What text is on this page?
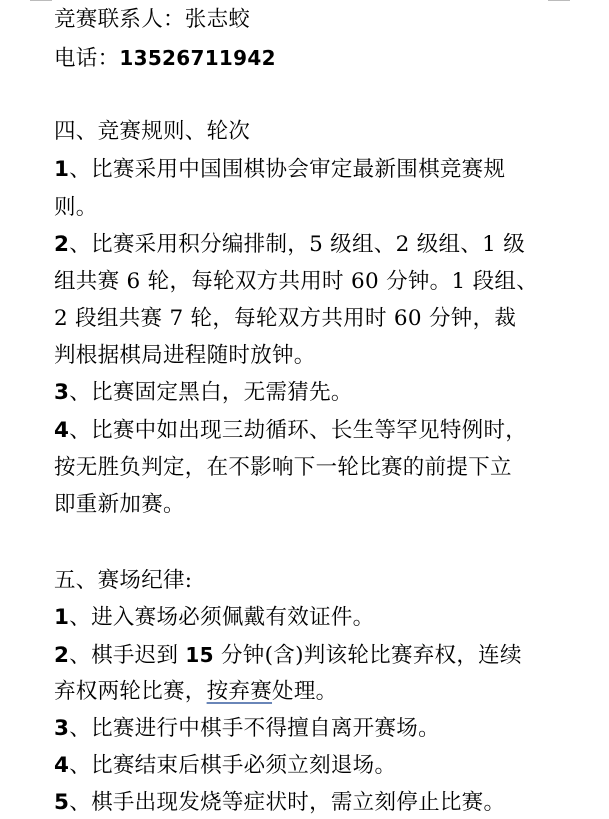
竞赛联系人：张志蛟
电话：13526711942
四、竞赛规则、轮次
1、比赛采用中国围棋协会审定最新围棋竞赛规
则。
2、比赛采用积分编排制，5 级组、2 级组、1 级
组共赛 6 轮，每轮双方共用时 60 分钟。1 段组、
2 段组共赛 7 轮，每轮双方共用时 60 分钟，裁
判根据棋局进程随时放钟。
3、比赛固定黑白，无需猜先。
4、比赛中如出现三劫循环、长生等罕见特例时，
按无胜负判定，在不影响下一轮比赛的前提下立
即重新加赛。
五、赛场纪律:
1、进入赛场必须佩戴有效证件。
2、棋手迟到 15 分钟(含)判该轮比赛弃权，连续
弃权两轮比赛，按弃赛处理。
3、比赛进行中棋手不得擅自离开赛场。
4、比赛结束后棋手必须立刻退场。
5、棋手出现发烧等症状时，需立刻停止比赛。
